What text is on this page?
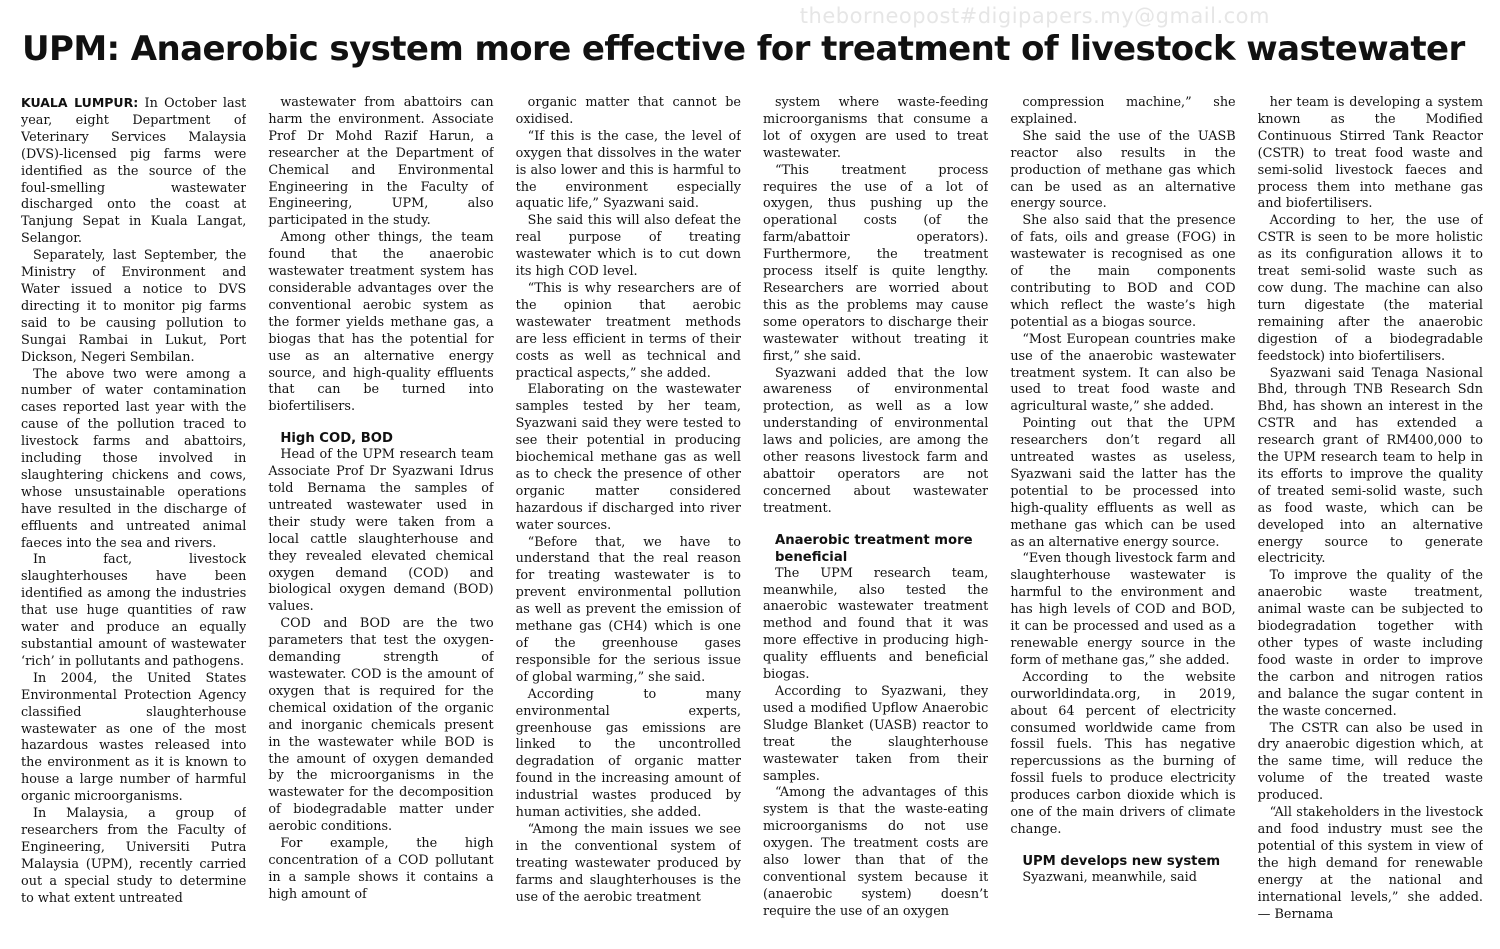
theborneopost#digipapers.my@gmail.com
UPM: Anaerobic system more effective for treatment of livestock wastewater

KUALA LUMPUR: In October last year, eight Department of Veterinary Services Malaysia (DVS)-licensed pig farms were identified as the source of the foul-smelling wastewater discharged onto the coast at Tanjung Sepat in Kuala Langat, Selangor.

Separately, last September, the Ministry of Environment and Water issued a notice to DVS directing it to monitor pig farms said to be causing pollution to Sungai Rambai in Lukut, Port Dickson, Negeri Sembilan.

The above two were among a number of water contamination cases reported last year with the cause of the pollution traced to livestock farms and abattoirs, including those involved in slaughtering chickens and cows, whose unsustainable operations have resulted in the discharge of effluents and untreated animal faeces into the sea and rivers.

In fact, livestock slaughterhouses have been identified as among the industries that use huge quantities of raw water and produce an equally substantial amount of wastewater ‘rich’ in pollutants and pathogens.

In 2004, the United States Environmental Protection Agency classified slaughterhouse wastewater as one of the most hazardous wastes released into the environment as it is known to house a large number of harmful organic microorganisms.

In Malaysia, a group of researchers from the Faculty of Engineering, Universiti Putra Malaysia (UPM), recently carried out a special study to determine to what extent untreated

wastewater from abattoirs can harm the environment. Associate Prof Dr Mohd Razif Harun, a researcher at the Department of Chemical and Environmental Engineering in the Faculty of Engineering, UPM, also participated in the study.

Among other things, the team found that the anaerobic wastewater treatment system has considerable advantages over the conventional aerobic system as the former yields methane gas, a biogas that has the potential for use as an alternative energy source, and high-quality effluents that can be turned into biofertilisers.

High COD, BOD

Head of the UPM research team Associate Prof Dr Syazwani Idrus told Bernama the samples of untreated wastewater used in their study were taken from a local cattle slaughterhouse and they revealed elevated chemical oxygen demand (COD) and biological oxygen demand (BOD) values.

COD and BOD are the two parameters that test the oxygen-demanding strength of wastewater. COD is the amount of oxygen that is required for the chemical oxidation of the organic and inorganic chemicals present in the wastewater while BOD is the amount of oxygen demanded by the microorganisms in the wastewater for the decomposition of biodegradable matter under aerobic conditions.

For example, the high concentration of a COD pollutant in a sample shows it contains a high amount of

organic matter that cannot be oxidised.

“If this is the case, the level of oxygen that dissolves in the water is also lower and this is harmful to the environment especially aquatic life,” Syazwani said.

She said this will also defeat the real purpose of treating wastewater which is to cut down its high COD level.

“This is why researchers are of the opinion that aerobic wastewater treatment methods are less efficient in terms of their costs as well as technical and practical aspects,” she added.

Elaborating on the wastewater samples tested by her team, Syazwani said they were tested to see their potential in producing biochemical methane gas as well as to check the presence of other organic matter considered hazardous if discharged into river water sources.

“Before that, we have to understand that the real reason for treating wastewater is to prevent environmental pollution as well as prevent the emission of methane gas (CH4) which is one of the greenhouse gases responsible for the serious issue of global warming,” she said.

According to many environmental experts, greenhouse gas emissions are linked to the uncontrolled degradation of organic matter found in the increasing amount of industrial wastes produced by human activities, she added.

“Among the main issues we see in the conventional system of treating wastewater produced by farms and slaughterhouses is the use of the aerobic treatment

system where waste-feeding microorganisms that consume a lot of oxygen are used to treat wastewater.

“This treatment process requires the use of a lot of oxygen, thus pushing up the operational costs (of the farm/abattoir operators). Furthermore, the treatment process itself is quite lengthy. Researchers are worried about this as the problems may cause some operators to discharge their wastewater without treating it first,” she said.

Syazwani added that the low awareness of environmental protection, as well as a low understanding of environmental laws and policies, are among the other reasons livestock farm and abattoir operators are not concerned about wastewater treatment.

Anaerobic treatment more beneficial

The UPM research team, meanwhile, also tested the anaerobic wastewater treatment method and found that it was more effective in producing high-quality effluents and beneficial biogas.

According to Syazwani, they used a modified Upflow Anaerobic Sludge Blanket (UASB) reactor to treat the slaughterhouse wastewater taken from their samples.

“Among the advantages of this system is that the waste-eating microorganisms do not use oxygen. The treatment costs are also lower than that of the conventional system because it (anaerobic system) doesn’t require the use of an oxygen

compression machine,” she explained.

She said the use of the UASB reactor also results in the production of methane gas which can be used as an alternative energy source.

She also said that the presence of fats, oils and grease (FOG) in wastewater is recognised as one of the main components contributing to BOD and COD which reflect the waste’s high potential as a biogas source.

“Most European countries make use of the anaerobic wastewater treatment system. It can also be used to treat food waste and agricultural waste,” she added.

Pointing out that the UPM researchers don’t regard all untreated wastes as useless, Syazwani said the latter has the potential to be processed into high-quality effluents as well as methane gas which can be used as an alternative energy source.

“Even though livestock farm and slaughterhouse wastewater is harmful to the environment and has high levels of COD and BOD, it can be processed and used as a renewable energy source in the form of methane gas,” she added.

According to the website ourworldindata.org, in 2019, about 64 percent of electricity consumed worldwide came from fossil fuels. This has negative repercussions as the burning of fossil fuels to produce electricity produces carbon dioxide which is one of the main drivers of climate change.

UPM develops new system

Syazwani, meanwhile, said

her team is developing a system known as the Modified Continuous Stirred Tank Reactor (CSTR) to treat food waste and semi-solid livestock faeces and process them into methane gas and biofertilisers.

According to her, the use of CSTR is seen to be more holistic as its configuration allows it to treat semi-solid waste such as cow dung. The machine can also turn digestate (the material remaining after the anaerobic digestion of a biodegradable feedstock) into biofertilisers.

Syazwani said Tenaga Nasional Bhd, through TNB Research Sdn Bhd, has shown an interest in the CSTR and has extended a research grant of RM400,000 to the UPM research team to help in its efforts to improve the quality of treated semi-solid waste, such as food waste, which can be developed into an alternative energy source to generate electricity.

To improve the quality of the anaerobic waste treatment, animal waste can be subjected to biodegradation together with other types of waste including food waste in order to improve the carbon and nitrogen ratios and balance the sugar content in the waste concerned.

The CSTR can also be used in dry anaerobic digestion which, at the same time, will reduce the volume of the treated waste produced.

“All stakeholders in the livestock and food industry must see the potential of this system in view of the high demand for renewable energy at the national and international levels,” she added. — Bernama
